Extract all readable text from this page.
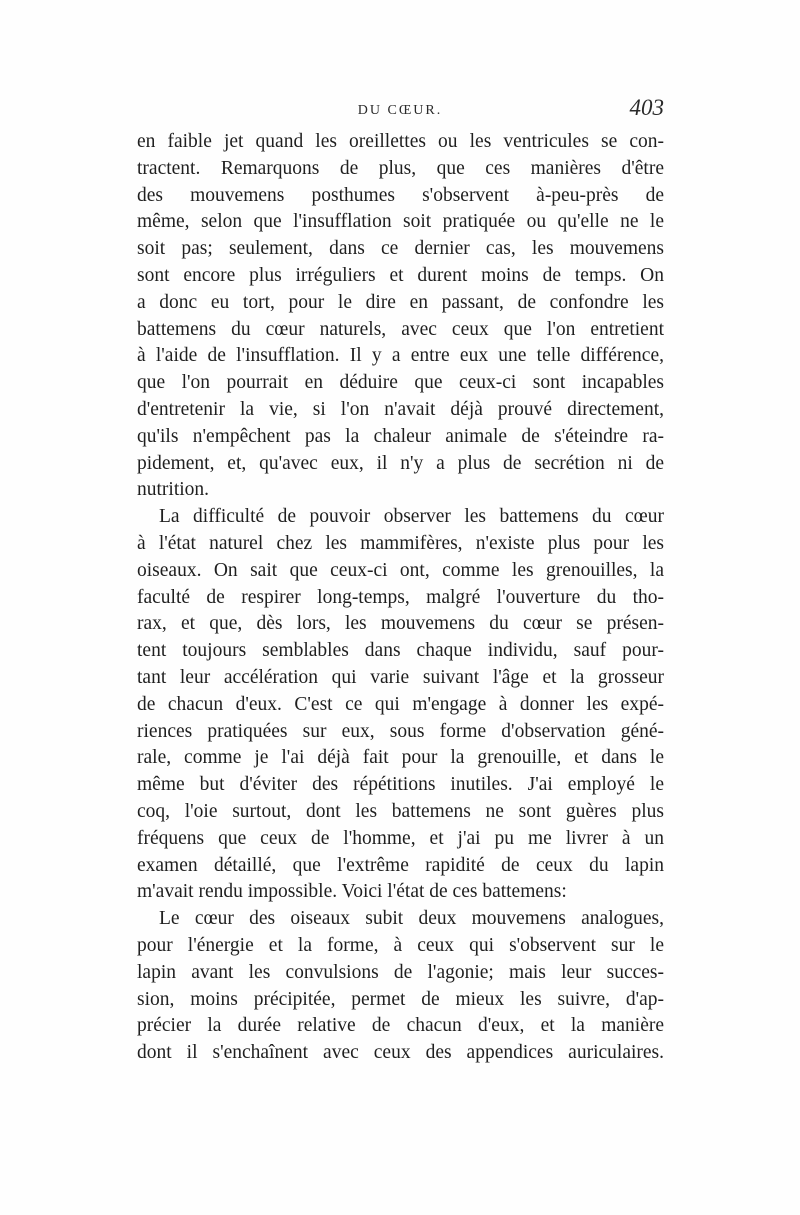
DU CŒUR.	403
en faible jet quand les oreillettes ou les ventricules se con-
tractent. Remarquons de plus, que ces manières d'être
des mouvemens posthumes s'observent à-peu-près de
même, selon que l'insufflation soit pratiquée ou qu'elle ne le
soit pas; seulement, dans ce dernier cas, les mouvemens
sont encore plus irréguliers et durent moins de temps. On
a donc eu tort, pour le dire en passant, de confondre les
battemens du cœur naturels, avec ceux que l'on entretient
à l'aide de l'insufflation. Il y a entre eux une telle différence,
que l'on pourrait en déduire que ceux-ci sont incapables
d'entretenir la vie, si l'on n'avait déjà prouvé directement,
qu'ils n'empêchent pas la chaleur animale de s'éteindre ra-
pidement, et, qu'avec eux, il n'y a plus de secrétion ni de
nutrition.
La difficulté de pouvoir observer les battemens du cœur
à l'état naturel chez les mammifères, n'existe plus pour les
oiseaux. On sait que ceux-ci ont, comme les grenouilles, la
faculté de respirer long-temps, malgré l'ouverture du tho-
rax, et que, dès lors, les mouvemens du cœur se présen-
tent toujours semblables dans chaque individu, sauf pour-
tant leur accélération qui varie suivant l'âge et la grosseur
de chacun d'eux. C'est ce qui m'engage à donner les expé-
riences pratiquées sur eux, sous forme d'observation géné-
rale, comme je l'ai déjà fait pour la grenouille, et dans le
même but d'éviter des répétitions inutiles. J'ai employé le
coq, l'oie surtout, dont les battemens ne sont guères plus
fréquens que ceux de l'homme, et j'ai pu me livrer à un
examen détaillé, que l'extrême rapidité de ceux du lapin
m'avait rendu impossible. Voici l'état de ces battemens:
Le cœur des oiseaux subit deux mouvemens analogues,
pour l'énergie et la forme, à ceux qui s'observent sur le
lapin avant les convulsions de l'agonie; mais leur succes-
sion, moins précipitée, permet de mieux les suivre, d'ap-
précier la durée relative de chacun d'eux, et la manière
dont il s'enchaînent avec ceux des appendices auriculaires.
